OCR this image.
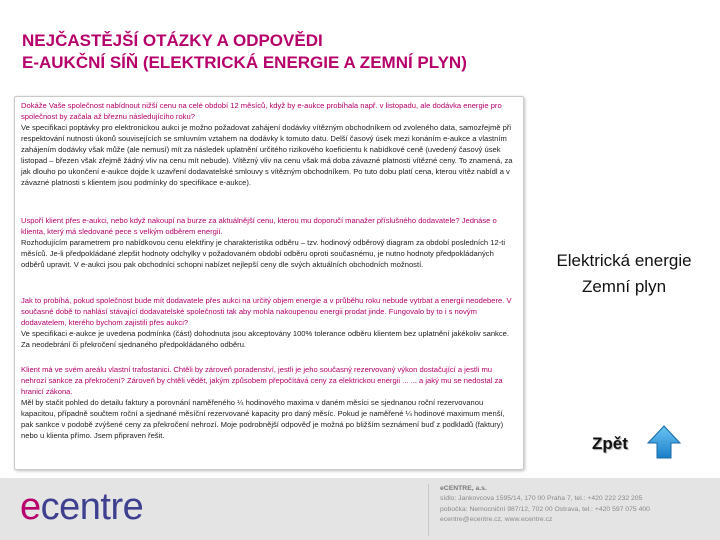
NEJČASTĚJŠÍ OTÁZKY A ODPOVĚDI
E-AUKČNÍ SÍŇ (ELEKTRICKÁ ENERGIE A ZEMNÍ PLYN)

Dokáže Vaše společnost nabídnout nižší cenu na celé období 12 měsíců, když by e-aukce probíhala např. v listopadu, ale dodávka energie pro společnost by začala až březnu následujícího roku?

Ve specifikaci poptávky pro elektronickou aukci je možno požadovat zahájení dodávky vítězným obchodníkem od zvoleného data, samozřejmě při respektování nutnosti úkonů souvisejících se smluvním vztahem na dodávky k tomuto datu. Delší časový úsek mezi konáním e-aukce a vlastním zahájením dodávky však může (ale nemusí) mít za následek uplatnění určitého rizikového koeficientu k nabídkové ceně (uvedený časový úsek listopad – březen však zřejmě žádný vliv na cenu mít nebude). Vítězný vliv na cenu však má doba závazné platnosti vítězné ceny. To znamená, za jak dlouho po ukončení e-aukce dojde k uzavření dodavatelské smlouvy s vítězným obchodníkem. Po tuto dobu platí cena, kterou vítěz nabídl a v závazné platnosti s klientem jsou podmínky do specifikace e-aukce).

Uspoří klient přes e-aukci, nebo když nakoupí na burze za aktuálnější cenu, kterou mu doporučí manažer příslušného dodavatele? Jednáse o klienta, který má sledované pece s velkým odběrem energií.

Rozhodujícím parametrem pro nabídkovou cenu elektřiny je charakteristika odběru – tzv. hodinový odběrový diagram za období posledních 12-ti měsíců. Je-li předpokládané zlepšit hodnoty odchylky v požadovaném období odběru oproti současnému, je nutno hodnoty předpokládaných odběrů upravit. V e-aukci jsou pak obchodníci schopni nabízet nejlepší ceny dle svých aktuálních obchodních možností.

Jak to probíhá, pokud společnost bude mít dodavatele přes aukci na určitý objem energie a v průběhu roku nebude vytrbat a energii neodebere. V současné době to nahlásí stávající dodavatelské společnosti tak aby mohla nakoupenou energii prodat jinde. Fungovalo by to i s novým dodavatelem, kterého bychom zajistili přes aukci?

Ve specifikaci e-aukce je uvedena podmínka (část) dohodnuta jsou akceptovány 100% tolerance odběru klientem bez uplatnění jakékoliv sankce. Za neodebrání či překročení sjednaného předpokládaného odběru.

Klient má ve svém areálu vlastní trafostanici. Chtěli by zároveň poradenství, jestli je jeho současný rezervovaný výkon dostačující a jestli mu nehrozí sankce za překročení? Zároveň by chtěli vědět, jakým způsobem přepočítává ceny za elektrickou energii ... ... a jaký mu se nedostal za hranicí zákona.

Měl by stačit pohled do detailu faktury a porovnání naměřeného ¼ hodinového maxima v daném měsíci se sjednanou roční rezervovanou kapacitou, případně součtem roční a sjednané měsíční rezervované kapacity pro daný měsíc. Pokud je naměřené ¼ hodinové maximum menší, pak sankce v podobě zvýšené ceny za překročení nehrozí. Moje podrobnější odpověď je možná po bližším seznámení buď z podkladů (faktury) nebo u klienta přímo. Jsem připraven řešit.

Elektrická energie
Zemní plyn
Zpět
ecentre	eCENTRE, a.s.
sídlo: Jankovcova 1595/14, 170 00 Praha 7, tel.: +420 222 232 205
pobočka: Nemocniční 987/12, 702 00 Ostrava, tel.: +420 597 075 400
ecentre@ecentre.cz, www.ecentre.cz
